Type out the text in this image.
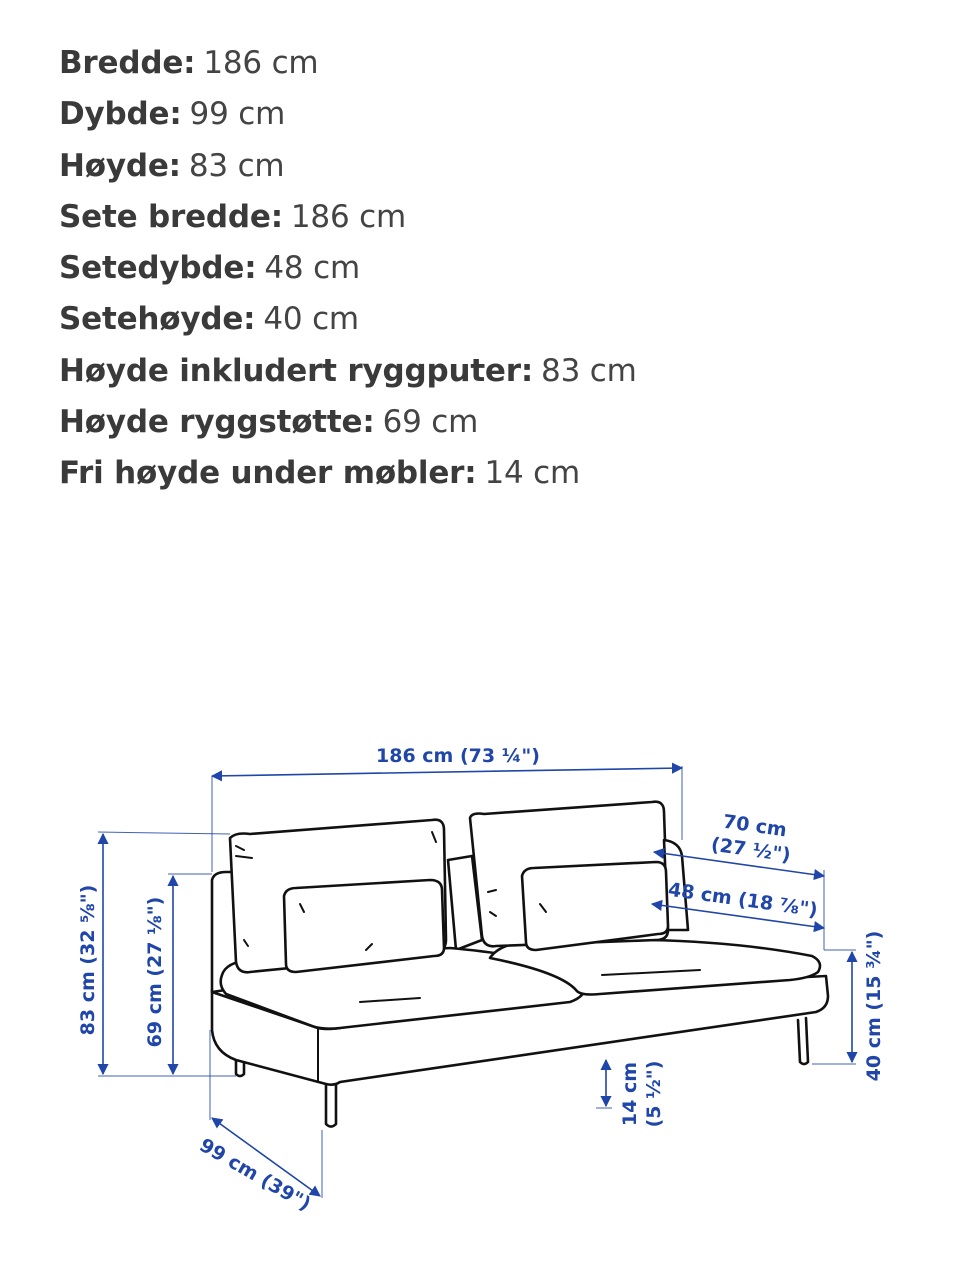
Bredde: 186 cm
Dybde: 99 cm
Høyde: 83 cm
Sete bredde: 186 cm
Setedybde: 48 cm
Setehøyde: 40 cm
Høyde inkludert ryggputer: 83 cm
Høyde ryggstøtte: 69 cm
Fri høyde under møbler: 14 cm
186 cm (73 ¼")
83 cm (32 ⅝") 69 cm (27 ⅛")
70 cm
(27 ½")
48 cm (18 ⅞")
40 cm (15 ¾")
14 cm (5 ½")
99 cm (39")
